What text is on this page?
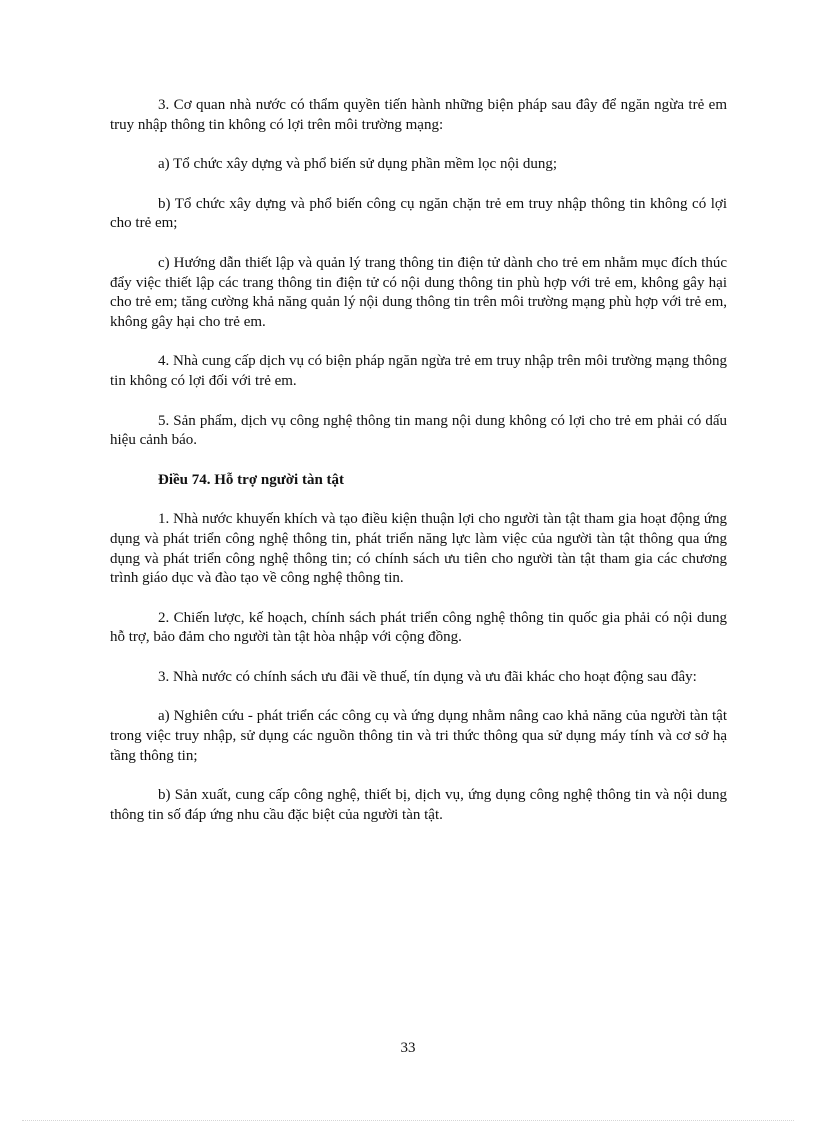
3. Cơ quan nhà nước có thẩm quyền tiến hành những biện pháp sau đây để ngăn ngừa trẻ em truy nhập thông tin không có lợi trên môi trường mạng:

a) Tổ chức xây dựng và phổ biến sử dụng phần mềm lọc nội dung;

b) Tổ chức xây dựng và phổ biến công cụ ngăn chặn trẻ em truy nhập thông tin không có lợi cho trẻ em;

c) Hướng dẫn thiết lập và quản lý trang thông tin điện tử dành cho trẻ em nhằm mục đích thúc đẩy việc thiết lập các trang thông tin điện tử có nội dung thông tin phù hợp với trẻ em, không gây hại cho trẻ em; tăng cường khả năng quản lý nội dung thông tin trên môi trường mạng phù hợp với trẻ em, không gây hại cho trẻ em.

4. Nhà cung cấp dịch vụ có biện pháp ngăn ngừa trẻ em truy nhập trên môi trường mạng thông tin không có lợi đối với trẻ em.

5. Sản phẩm, dịch vụ công nghệ thông tin mang nội dung không có lợi cho trẻ em phải có dấu hiệu cảnh báo.

Điều 74. Hỗ trợ người tàn tật

1. Nhà nước khuyến khích và tạo điều kiện thuận lợi cho người tàn tật tham gia hoạt động ứng dụng và phát triển công nghệ thông tin, phát triển năng lực làm việc của người tàn tật thông qua ứng dụng và phát triển công nghệ thông tin; có chính sách ưu tiên cho người tàn tật tham gia các chương trình giáo dục và đào tạo về công nghệ thông tin.

2. Chiến lược, kế hoạch, chính sách phát triển công nghệ thông tin quốc gia phải có nội dung hỗ trợ, bảo đảm cho người tàn tật hòa nhập với cộng đồng.

3. Nhà nước có chính sách ưu đãi về thuế, tín dụng và ưu đãi khác cho hoạt động sau đây:

a) Nghiên cứu - phát triển các công cụ và ứng dụng nhằm nâng cao khả năng của người tàn tật trong việc truy nhập, sử dụng các nguồn thông tin và tri thức thông qua sử dụng máy tính và cơ sở hạ tầng thông tin;

b) Sản xuất, cung cấp công nghệ, thiết bị, dịch vụ, ứng dụng công nghệ thông tin và nội dung thông tin số đáp ứng nhu cầu đặc biệt của người tàn tật.

33
